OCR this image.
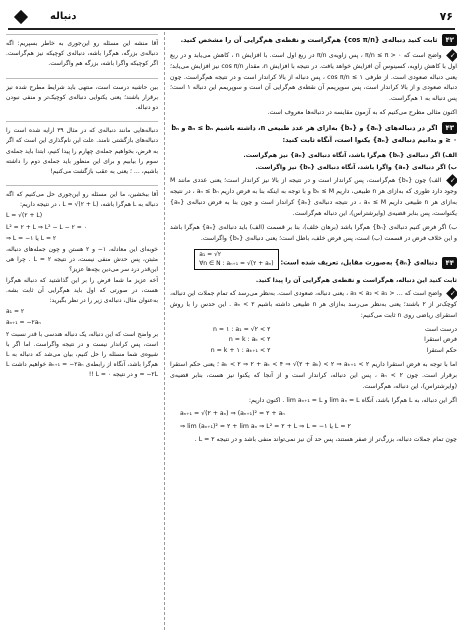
دنباله	۷۶
۴۲ ثابت کنید دنباله‌ی {cos π/n} هم‌گراست و نقطه‌ی هم‌گرایی آن را مشخص کنید.
✓ واضح است که ۰ < π/n ≤ π ، پس زاویه‌ی π/n در ربع اول است. با افزایش n ، کاهش می‌یابد و در ربع اول با کاهش زاویه، کسینوس آن افزایش خواهد یافت. در نتیجه با افزایش n، مقدار cos π/n نیز افزایش می‌یابد؛ یعنی دنباله صعودی است. از طرفی ۱ ≥ cos π/n ، پس دنباله از بالا کراندار است و در نتیجه هم‌گراست. چون دنباله صعودی و از بالا کراندار است، پس سوپریمم آن نقطه‌ی هم‌گرایی آن است و سوپریمم این دنباله ۱ است؛ پس دنباله به ۱ هم‌گراست.
اکنون مثالی مطرح می‌کنیم که به آزمون مقایسه در دنباله‌ها معروف است.
۴۳ اگر در دنباله‌های {aₙ} و {bₙ} به‌ازای هر عدد طبیعی n، داشته باشیم aₙ ≤ bₙ و bₙ ≥ ۰ و بدانیم دنباله‌ی {aₙ} یکنوا است، آنگاه ثابت کنید:
الف) اگر دنباله‌ی {bₙ} هم‌گرا باشد، آنگاه دنباله‌ی {aₙ} نیز هم‌گراست.
ب) اگر دنباله‌ی {aₙ} واگرا باشد، آنگاه دنباله‌ی {bₙ} نیز واگراست.
✓ الف) چون {bₙ} هم‌گراست، پس کراندار است و در نتیجه از بالا نیز کراندار است؛ یعنی عددی مانند M وجود دارد طوری که به‌ازای هر n طبیعی، داریم bₙ ≤ M و با توجه به اینکه بنا به فرض داریم aₙ ≤ bₙ ، در نتیجه به‌ازای هر n طبیعی داریم aₙ ≤ M ، در نتیجه دنباله‌ی {aₙ} کراندار است و چون بنا به فرض دنباله‌ی {aₙ} یکنواست، پس بنابر قضیه‌ی (وایرشتراس)، این دنباله هم‌گراست.
ب) اگر فرض کنیم دنباله‌ی {bₙ} هم‌گرا باشد (برهان خلف)، بنا بر قسمت (الف) باید دنباله‌ی {aₙ} هم‌گرا باشد و این خلاف فرض در قسمت (ب) است، پس فرض خلف، باطل است؛ یعنی دنباله‌ی {bₙ} واگراست.
۴۴ دنباله‌ی {aₙ} به‌صورت مقابل، تعریف شده است:
a₁ = √۲
∀n ∈ N : aₙ₊₁ = √(۲ + aₙ)
ثابت کنید این دنباله، هم‌گراست و نقطه‌ی هم‌گرایی آن را پیدا کنید.
✓ واضح است که … < a₃ < a₂ < a₁ ، یعنی دنباله، صعودی است. به‌نظر می‌رسد که تمام جملات این دنباله، کوچک‌تر از ۲ باشند؛ یعنی به‌نظر می‌رسد به‌ازای هر n طبیعی داشته باشیم aₙ < ۲ . این حدس را با روش استقرای ریاضی روی n ثابت می‌کنیم:
درست است
n = ۱ : a₁ = √۲ < ۲
فرض استقرا
n = k : aₖ < ۲
حکم استقرا
n = k + ۱ : aₖ₊₁ < ۲
اما با توجه به فرض استقرا داریم aₖ < ۲ ⇒ ۲ + aₖ < ۴ ⇒ √(۲ + aₖ) < ۲ ⇒ aₖ₊₁ < ۲ ؛ یعنی حکم استقرا برقرار است. چون aₙ < ۲ ، پس این دنباله، کراندار است و از آنجا که یکنوا نیز هست، بنابر قضیه‌ی (وایرشتراس)، این دنباله، هم‌گراست.
اگر این دنباله، به L هم‌گرا باشد، آنگاه lim aₙ = L و lim aₙ₊₁ = L . اکنون داریم:
aₙ₊₁ = √(۲ + aₙ) ⇒ (aₙ₊₁)² = ۲ + aₙ
⇒ lim (aₙ₊₁)² = ۲ + lim aₙ ⇒ L² = ۲ + L ⇒ L = −۱ یا L = ۲
چون تمام جملات دنباله، بزرگ‌تر از صفر هستند، پس حد آن نیز نمی‌تواند منفی باشد و در نتیجه L = ۲ .
آقا منشه این مسئله رو این‌جوری به خاطر بسپریم: اگه دنباله‌ی بزرگه، هم‌گرا باشه، دنباله‌ی کوچیکه نیز هم‌گراست. اگر کوچیکه واگرا باشه، بزرگه هم واگراست.
بین حاشیه درست است، منتهی باید شرایط مطرح شده نیز برقرار باشند؛ یعنی یکنوایی دنباله‌ی کوچیک‌تر و منفی نبودن دو دنباله.
دنباله‌هایی مانند دنباله‌ی که در مثال ۳۹ ارایه شده است را دنباله‌های بازگشتی نامند. علت این نام‌گذاری این است که اگر به فرض، بخواهیم جمله‌ی چهارم را پیدا کنیم، ابتدا باید جمله‌ی سوم را بیابیم و برای این منظور باید جمله‌ی دوم را داشته باشیم، … ؛ یعنی به عقب بازگشت می‌کنیم!
آقا ببخشین، ما این مسئله رو این‌جوری حل می‌کنیم که اگه دنباله به L هم‌گرا باشه، L = √(۲ + L) ، در نتیجه داریم:
L = √(۲ + L)
L² = ۲ + L ⇒ L² − L − ۲ = ۰
⇒ L = −۱ یا L = ۲
خوبه‌ای این معادله، ۱− و ۲ هستن و چون جمله‌های دنباله، مثبتن، پس حدش منفی نیست، در نتیجه L = ۲ . چرا هی این‌قدر درد سر می‌دین بچه‌ها عزیز؟
آخه عزیز ما شما فرض را بر این گذاشتید که دنباله هم‌گرا هست، در صورتی که اول باید هم‌گرایی آن ثابت بشه. به‌عنوان مثال، دنباله‌ی زیر را در نظر بگیرید:
a₁ = ۲
aₙ₊₁ = −۲aₙ
بر واضح است که این دنباله، یک دنباله هندسی با قدر نسبت ۲ است، پس کراندار نیست و در نتیجه واگراست. اما اگر با شیوه‌ی شما مسئله را حل کنیم، بیان می‌شد که دنباله به L هم‌گرا باشد، آنگاه از رابطه‌ی aₙ₊₁ = −۲aₙ خواهیم داشت L = −۲L و در نتیجه L = ۰ !!
